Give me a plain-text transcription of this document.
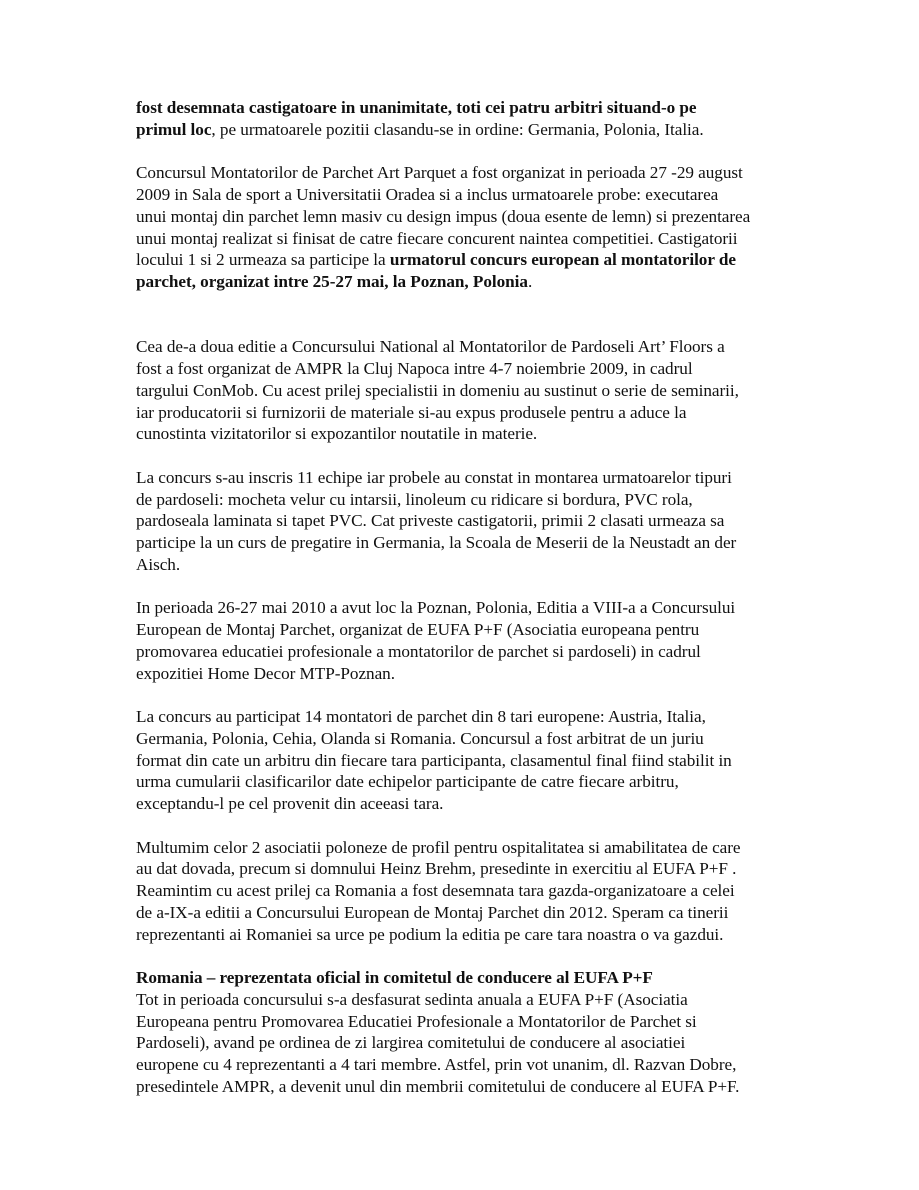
fost desemnata castigatoare in unanimitate, toti cei patru arbitri situand-o pe
primul loc, pe urmatoarele pozitii clasandu-se in ordine: Germania, Polonia, Italia.
Concursul Montatorilor de Parchet Art Parquet a fost organizat in perioada 27 -29 august
2009 in Sala de sport a Universitatii Oradea si a inclus urmatoarele probe: executarea
unui montaj din parchet lemn masiv cu design impus (doua esente de lemn) si prezentarea
unui montaj realizat si finisat de catre fiecare concurent naintea competitiei. Castigatorii
locului 1 si 2 urmeaza sa participe la urmatorul concurs european al montatorilor de
parchet, organizat intre 25-27 mai, la Poznan, Polonia.
Cea de-a doua editie a Concursului National al Montatorilor de Pardoseli Art’ Floors a
fost a fost organizat de AMPR la Cluj Napoca intre 4-7 noiembrie 2009, in cadrul
targului ConMob. Cu acest prilej specialistii in domeniu au sustinut o serie de seminarii,
iar producatorii si furnizorii de materiale si-au expus produsele pentru a aduce la
cunostinta vizitatorilor si expozantilor noutatile in materie.
La concurs s-au inscris 11 echipe iar probele au constat in montarea urmatoarelor tipuri
de pardoseli: mocheta velur cu intarsii, linoleum cu ridicare si bordura, PVC rola,
pardoseala laminata si tapet PVC. Cat priveste castigatorii, primii 2 clasati urmeaza sa
participe la un curs de pregatire in Germania, la Scoala de Meserii de la Neustadt an der
Aisch.
In perioada 26-27 mai 2010 a avut loc la Poznan, Polonia, Editia a VIII-a a Concursului
European de Montaj Parchet, organizat de EUFA P+F (Asociatia europeana pentru
promovarea educatiei profesionale a montatorilor de parchet si pardoseli) in cadrul
expozitiei Home Decor MTP-Poznan.
La concurs au participat 14 montatori de parchet din 8 tari europene: Austria, Italia,
Germania, Polonia, Cehia, Olanda si Romania. Concursul a fost arbitrat de un juriu
format din cate un arbitru din fiecare tara participanta, clasamentul final fiind stabilit in
urma cumularii clasificarilor date echipelor participante de catre fiecare arbitru,
exceptandu-l pe cel provenit din aceeasi tara.
Multumim celor 2 asociatii poloneze de profil pentru ospitalitatea si amabilitatea de care
au dat dovada, precum si domnului Heinz Brehm, presedinte in exercitiu al EUFA P+F .
Reamintim cu acest prilej ca Romania a fost desemnata tara gazda-organizatoare a celei
de a-IX-a editii a Concursului European de Montaj Parchet din 2012. Speram ca tinerii
reprezentanti ai Romaniei sa urce pe podium la editia pe care tara noastra o va gazdui.
Romania – reprezentata oficial in comitetul de conducere al EUFA P+F
Tot in perioada concursului s-a desfasurat sedinta anuala a EUFA P+F (Asociatia
Europeana pentru Promovarea Educatiei Profesionale a Montatorilor de Parchet si
Pardoseli), avand pe ordinea de zi largirea comitetului de conducere al asociatiei
europene cu 4 reprezentanti a 4 tari membre. Astfel, prin vot unanim, dl. Razvan Dobre,
presedintele AMPR, a devenit unul din membrii comitetului de conducere al EUFA P+F.
